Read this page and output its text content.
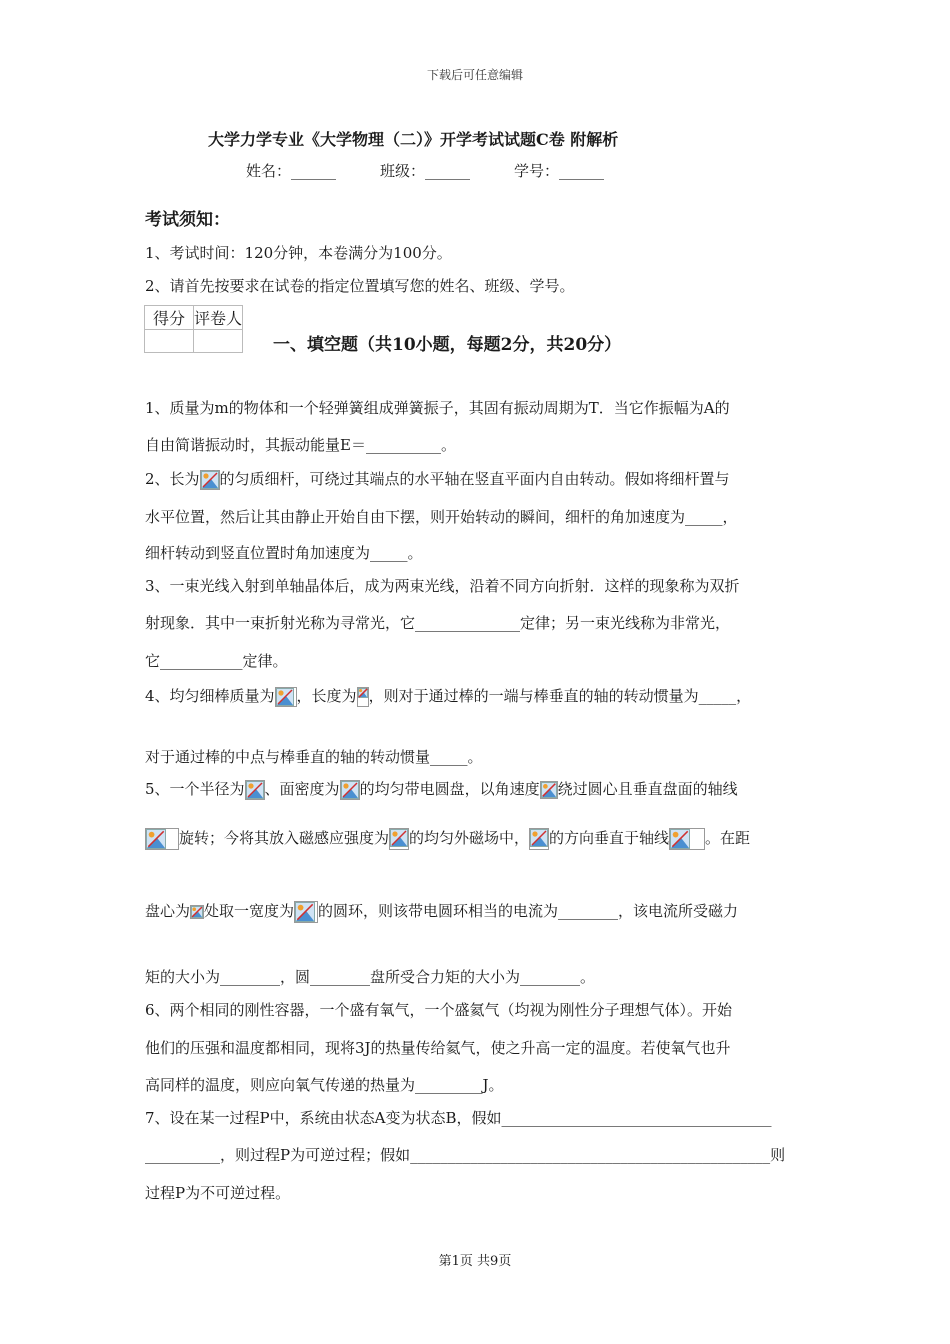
下载后可任意编辑
大学力学专业《大学物理（二）》开学考试试题C卷 附解析
姓名：______	班级：______	学号：______
考试须知：
1、考试时间：120分钟，本卷满分为100分。
2、请首先按要求在试卷的指定位置填写您的姓名、班级、学号。
得分	评卷人

一、填空题（共10小题，每题2分，共20分）
1、质量为m的物体和一个轻弹簧组成弹簧振子，其固有振动周期为T．当它作振幅为A的
自由简谐振动时，其振动能量E＝__________。
2、长为 的匀质细杆，可绕过其端点的水平轴在竖直平面内自由转动。假如将细杆置与
水平位置，然后让其由静止开始自由下摆，则开始转动的瞬间，细杆的角加速度为_____，
细杆转动到竖直位置时角加速度为_____。
3、一束光线入射到单轴晶体后，成为两束光线，沿着不同方向折射．这样的现象称为双折
射现象．其中一束折射光称为寻常光，它______________定律；另一束光线称为非常光，
它___________定律。
4、均匀细棒质量为 ，长度为 ，则对于通过棒的一端与棒垂直的轴的转动惯量为_____，
对于通过棒的中点与棒垂直的轴的转动惯量_____。
5、一个半径为 、面密度为 的均匀带电圆盘，以角速度 绕过圆心且垂直盘面的轴线
旋转；今将其放入磁感应强度为 的均匀外磁场中， 的方向垂直于轴线 。在距
盘心为 处取一宽度为 的圆环，则该带电圆环相当的电流为________，该电流所受磁力
矩的大小为________，圆________盘所受合力矩的大小为________。
6、两个相同的刚性容器，一个盛有氧气，一个盛氦气（均视为刚性分子理想气体）。开始
他们的压强和温度都相同，现将3J的热量传给氦气，使之升高一定的温度。若使氧气也升
高同样的温度，则应向氧气传递的热量为_________J。
7、设在某一过程P中，系统由状态A变为状态B，假如____________________________________
__________，则过程P为可逆过程；假如________________________________________________则
过程P为不可逆过程。
第1页 共9页
